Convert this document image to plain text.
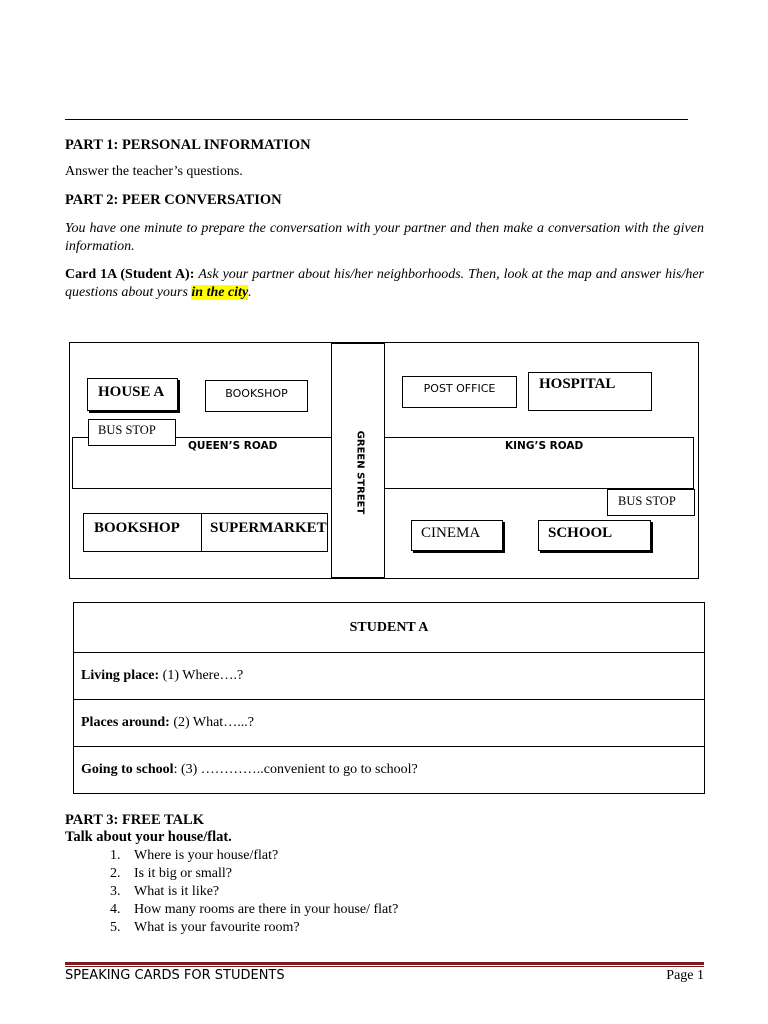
PART 1: PERSONAL INFORMATION
Answer the teacher’s questions.
PART 2: PEER CONVERSATION
You have one minute to prepare the conversation with your partner and then make a conversation with the given information.
Card 1A (Student A): Ask your partner about his/her neighborhoods. Then, look at the map and answer his/her questions about yours in the city.
QUEEN’S ROAD	KING’S ROAD
GREEN STREET
HOUSE A	BOOKSHOP
BUS STOP
POST OFFICE	HOSPITAL
BUS STOP
BOOKSHOP	SUPERMARKET	CINEMA	SCHOOL
STUDENT A
Living place: (1) Where….?
Places around: (2) What…...?
Going to school : (3) …………..convenient to go to school?
PART 3: FREE TALK
Talk about your house/flat.
1. Where is your house/flat?
2. Is it big or small?
3. What is it like?
4. How many rooms are there in your house/ flat?
5. What is your favourite room?
SPEAKING CARDS FOR STUDENTS	Page 1
